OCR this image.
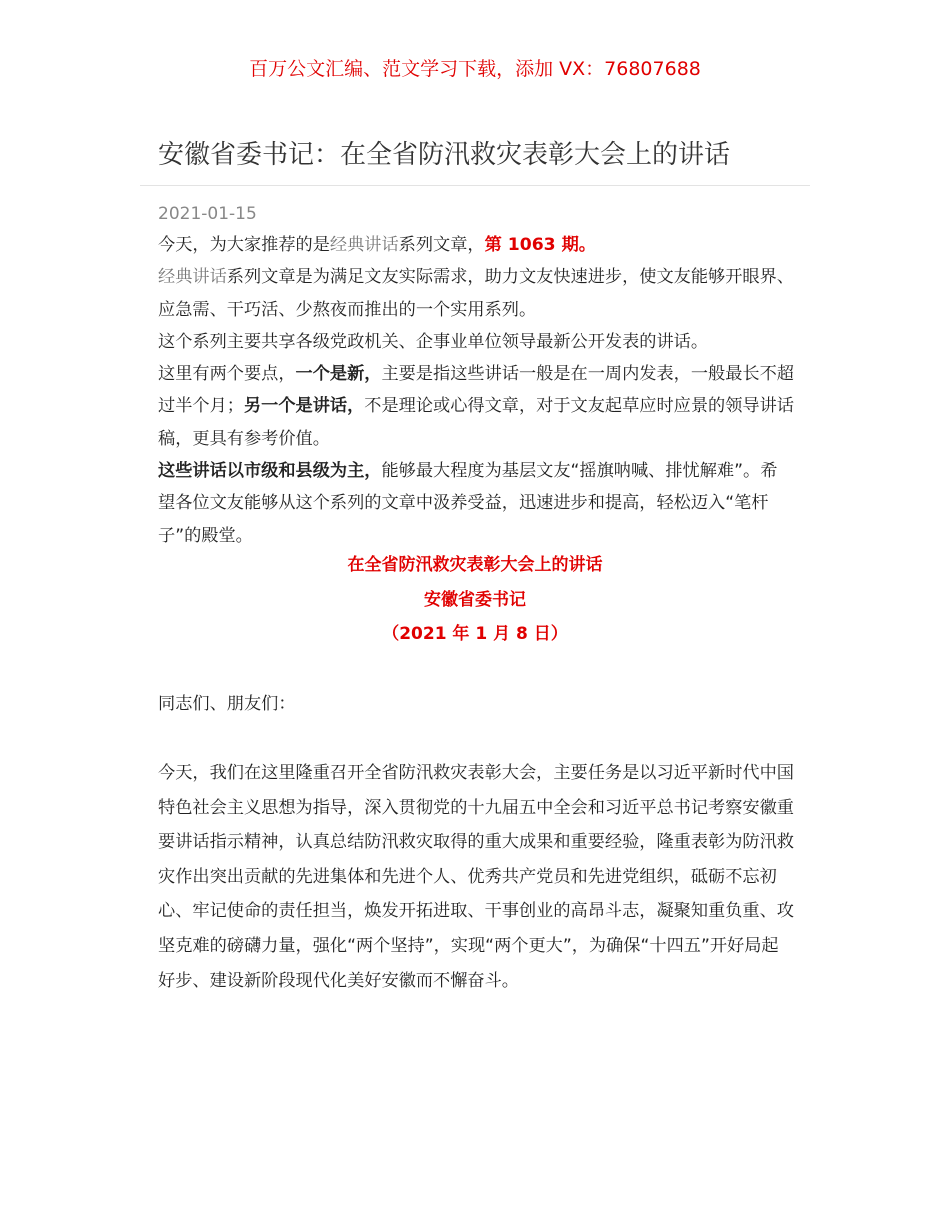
百万公文汇编、范文学习下载，添加 VX：76807688
安徽省委书记：在全省防汛救灾表彰大会上的讲话
2021-01-15

今天，为大家推荐的是经典讲话系列文章，第 1063 期。

经典讲话系列文章是为满足文友实际需求，助力文友快速进步，使文友能够开眼界、应急需、干巧活、少熬夜而推出的一个实用系列。

这个系列主要共享各级党政机关、企事业单位领导最新公开发表的讲话。

这里有两个要点，一个是新，主要是指这些讲话一般是在一周内发表，一般最长不超过半个月；另一个是讲话，不是理论或心得文章，对于文友起草应时应景的领导讲话稿，更具有参考价值。

这些讲话以市级和县级为主，能够最大程度为基层文友“摇旗呐喊、排忧解难”。希望各位文友能够从这个系列的文章中汲养受益，迅速进步和提高，轻松迈入“笔杆子”的殿堂。

在全省防汛救灾表彰大会上的讲话
安徽省委书记
（2021 年 1 月 8 日）
同志们、朋友们：

今天，我们在这里隆重召开全省防汛救灾表彰大会，主要任务是以习近平新时代中国特色社会主义思想为指导，深入贯彻党的十九届五中全会和习近平总书记考察安徽重要讲话指示精神，认真总结防汛救灾取得的重大成果和重要经验，隆重表彰为防汛救灾作出突出贡献的先进集体和先进个人、优秀共产党员和先进党组织，砥砺不忘初心、牢记使命的责任担当，焕发开拓进取、干事创业的高昂斗志，凝聚知重负重、攻坚克难的磅礴力量，强化“两个坚持”，实现“两个更大”，为确保“十四五”开好局起好步、建设新阶段现代化美好安徽而不懈奋斗。
